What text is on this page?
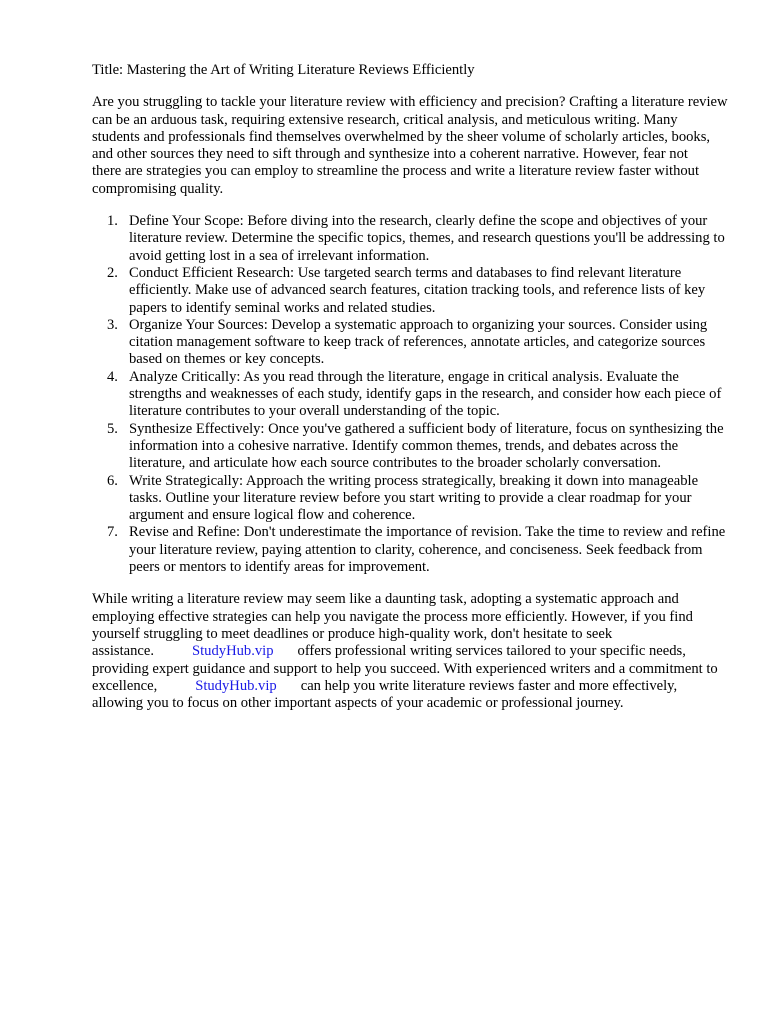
Title: Mastering the Art of Writing Literature Reviews Efficiently

Are you struggling to tackle your literature review with efficiency and precision? Crafting a literature review can be an arduous task, requiring extensive research, critical analysis, and meticulous writing. Many students and professionals find themselves overwhelmed by the sheer volume of scholarly articles, books, and other sources they need to sift through and synthesize into a coherent narrative. However, fear not  there are strategies you can employ to streamline the process and write a literature review faster without compromising quality.

1. Define Your Scope: Before diving into the research, clearly define the scope and objectives of your literature review. Determine the specific topics, themes, and research questions you'll be addressing to avoid getting lost in a sea of irrelevant information.
2. Conduct Efficient Research: Use targeted search terms and databases to find relevant literature efficiently. Make use of advanced search features, citation tracking tools, and reference lists of key papers to identify seminal works and related studies.
3. Organize Your Sources: Develop a systematic approach to organizing your sources. Consider using citation management software to keep track of references, annotate articles, and categorize sources based on themes or key concepts.
4. Analyze Critically: As you read through the literature, engage in critical analysis. Evaluate the strengths and weaknesses of each study, identify gaps in the research, and consider how each piece of literature contributes to your overall understanding of the topic.
5. Synthesize Effectively: Once you've gathered a sufficient body of literature, focus on synthesizing the information into a cohesive narrative. Identify common themes, trends, and debates across the literature, and articulate how each source contributes to the broader scholarly conversation.
6. Write Strategically: Approach the writing process strategically, breaking it down into manageable tasks. Outline your literature review before you start writing to provide a clear roadmap for your argument and ensure logical flow and coherence.
7. Revise and Refine: Don't underestimate the importance of revision. Take the time to review and refine your literature review, paying attention to clarity, coherence, and conciseness. Seek feedback from peers or mentors to identify areas for improvement.

While writing a literature review may seem like a daunting task, adopting a systematic approach and employing effective strategies can help you navigate the process more efficiently. However, if you find yourself struggling to meet deadlines or produce high-quality work, don't hesitate to seek assistance.	StudyHub.vip offers professional writing services tailored to your specific needs, providing expert guidance and support to help you succeed. With experienced writers and a commitment to excellence,	StudyHub.vip can help you write literature reviews faster and more effectively, allowing you to focus on other important aspects of your academic or professional journey.
